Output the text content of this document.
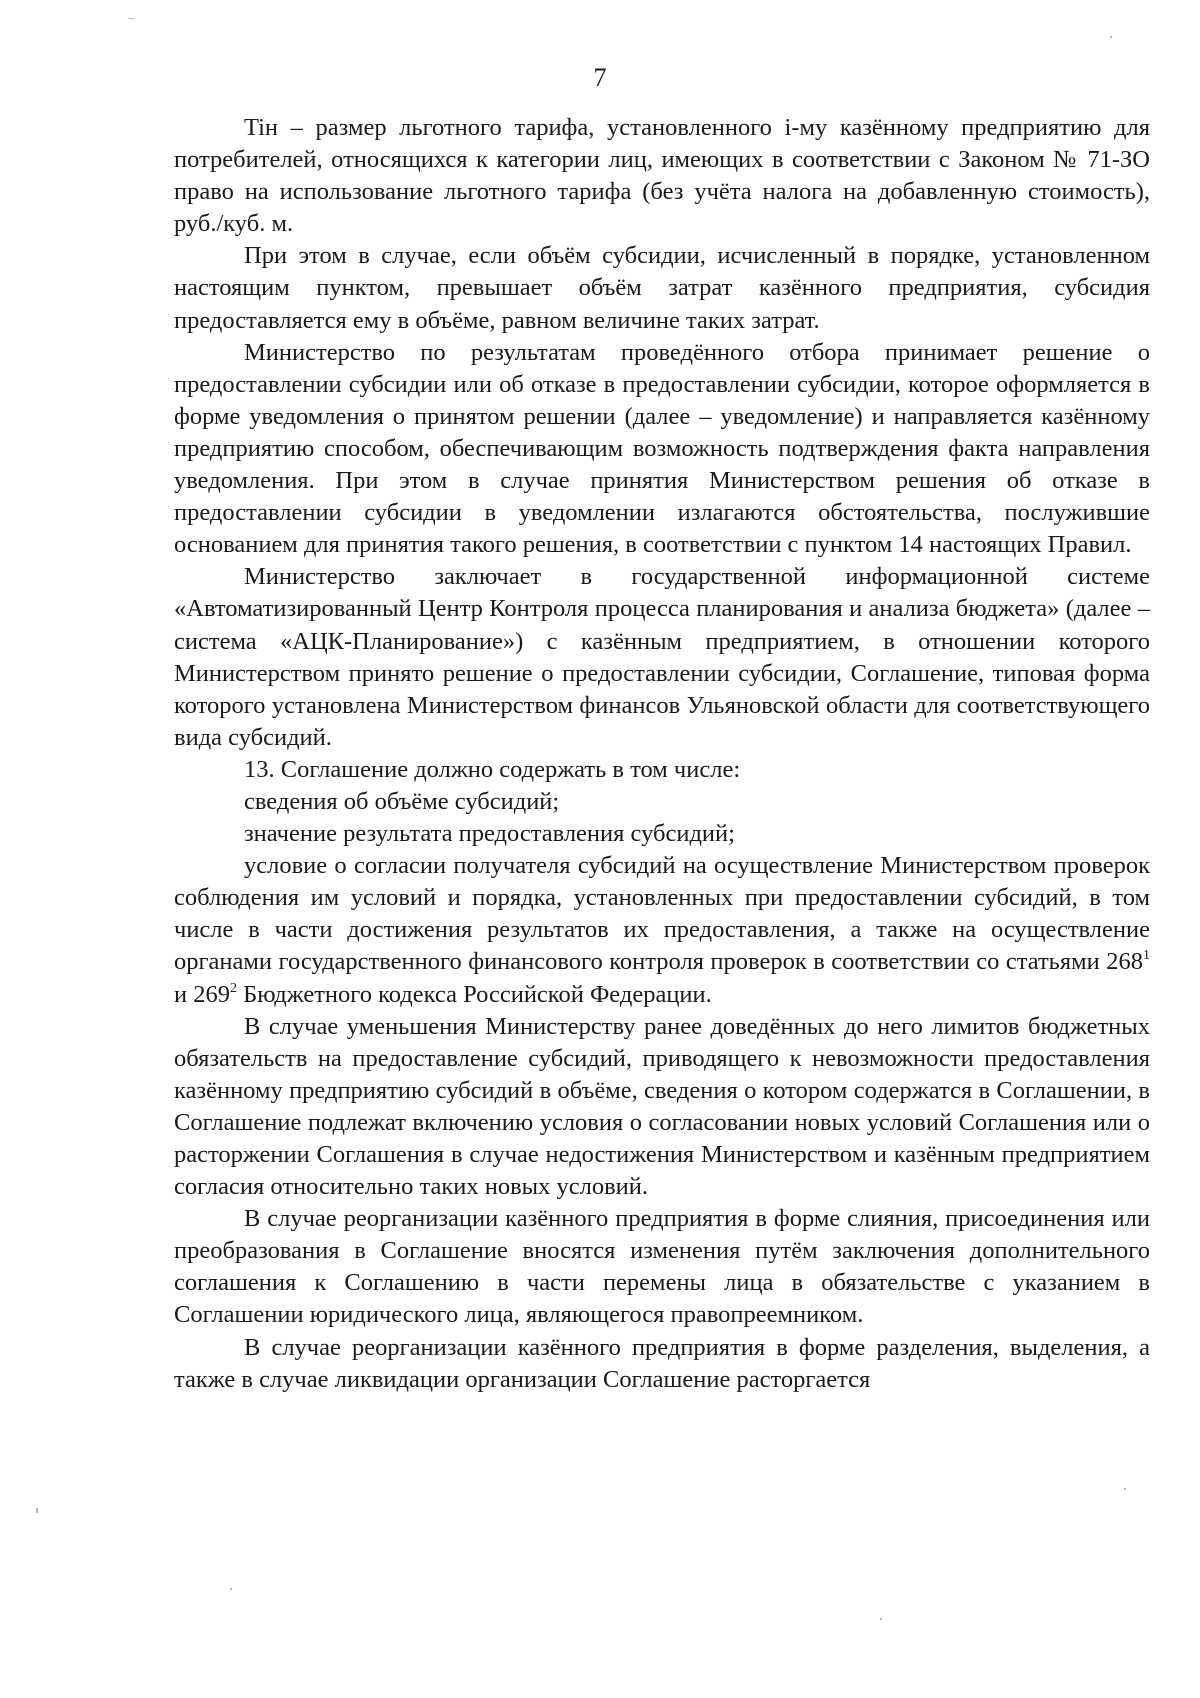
7

Tiн – размер льготного тарифа, установленного i-му казённому предприятию для потребителей, относящихся к категории лиц, имеющих в соответствии с Законом № 71-ЗО право на использование льготного тарифа (без учёта налога на добавленную стоимость), руб./куб. м.

При этом в случае, если объём субсидии, исчисленный в порядке, установленном настоящим пунктом, превышает объём затрат казённого предприятия, субсидия предоставляется ему в объёме, равном величине таких затрат.

Министерство по результатам проведённого отбора принимает решение о предоставлении субсидии или об отказе в предоставлении субсидии, которое оформляется в форме уведомления о принятом решении (далее – уведомление) и направляется казённому предприятию способом, обеспечивающим возможность подтверждения факта направления уведомления. При этом в случае принятия Министерством решения об отказе в предоставлении субсидии в уведомлении излагаются обстоятельства, послужившие основанием для принятия такого решения, в соответствии с пунктом 14 настоящих Правил.

Министерство заключает в государственной информационной системе «Автоматизированный Центр Контроля процесса планирования и анализа бюджета» (далее – система «АЦК-Планирование») с казённым предприятием, в отношении которого Министерством принято решение о предоставлении субсидии, Соглашение, типовая форма которого установлена Министерством финансов Ульяновской области для соответствующего вида субсидий.

13. Соглашение должно содержать в том числе:

сведения об объёме субсидий;

значение результата предоставления субсидий;

условие о согласии получателя субсидий на осуществление Министерством проверок соблюдения им условий и порядка, установленных при предоставлении субсидий, в том числе в части достижения результатов их предоставления, а также на осуществление органами государственного финансового контроля проверок в соответствии со статьями $268^1$ и $269^2$ Бюджетного кодекса Российской Федерации.

В случае уменьшения Министерству ранее доведённых до него лимитов бюджетных обязательств на предоставление субсидий, приводящего к невозможности предоставления казённому предприятию субсидий в объёме, сведения о котором содержатся в Соглашении, в Соглашение подлежат включению условия о согласовании новых условий Соглашения или о расторжении Соглашения в случае недостижения Министерством и казённым предприятием согласия относительно таких новых условий.

В случае реорганизации казённого предприятия в форме слияния, присоединения или преобразования в Соглашение вносятся изменения путём заключения дополнительного соглашения к Соглашению в части перемены лица в обязательстве с указанием в Соглашении юридического лица, являющегося правопреемником.

В случае реорганизации казённого предприятия в форме разделения, выделения, а также в случае ликвидации организации Соглашение расторгается
